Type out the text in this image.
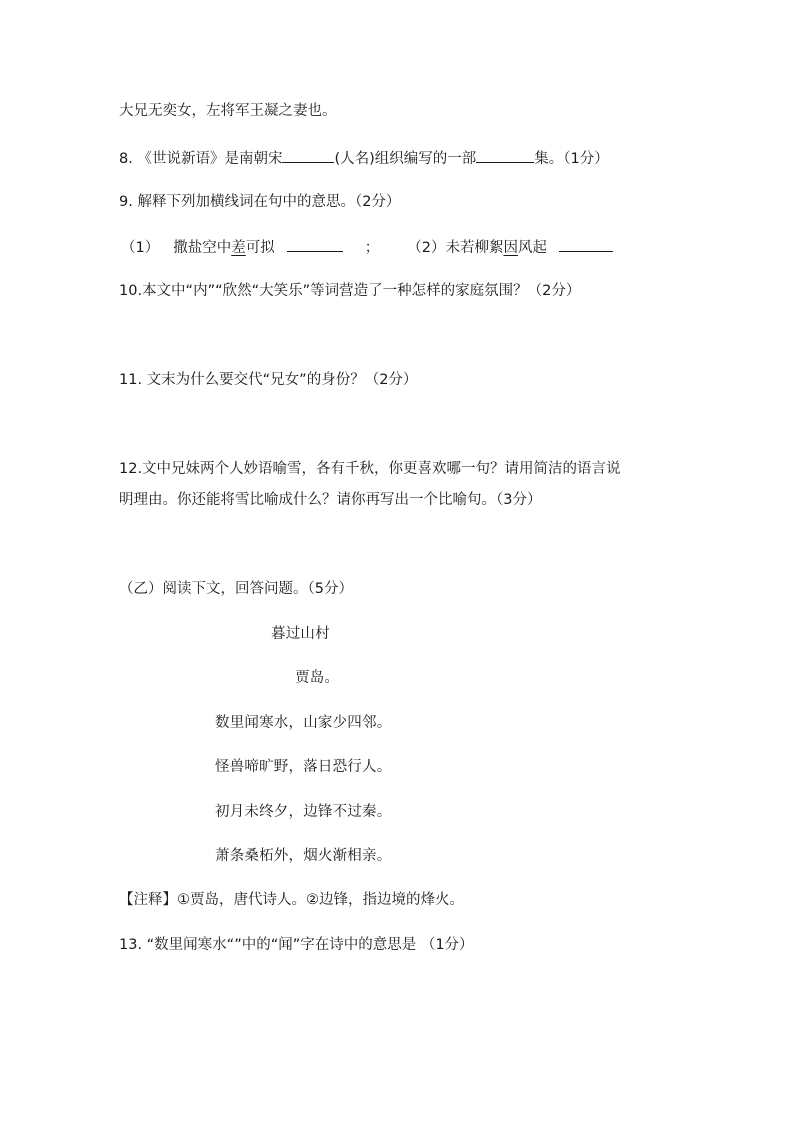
大兄无奕女，左将军王凝之妻也。
8. 《世说新语》是南朝宋	(人名)组织编写的一部	集。（1分）
9. 解释下列加横线词在句中的意思。（2分）
（1） 撒盐空中差可拟	； （2）未若柳絮因风起
10.本文中“内”“欣然“大笑乐”等词营造了一种怎样的家庭氛围？（2分）
11. 文末为什么要交代“兄女”的身份？（2分）
12.文中兄妹两个人妙语喻雪，各有千秋，你更喜欢哪一句？请用简洁的语言说
明理由。你还能将雪比喻成什么？请你再写出一个比喻句。（3分）
（乙）阅读下文，回答问题。（5分）
暮过山村
贾岛。
数里闻寒水，山家少四邻。
怪兽啼旷野，落日恐行人。
初月未终夕，边锋不过秦。
萧条桑柘外，烟火渐相亲。
【注释】①贾岛，唐代诗人。②边锋，指边境的烽火。
13. “数里闻寒水“”中的“闻”字在诗中的意思是 （1分）
